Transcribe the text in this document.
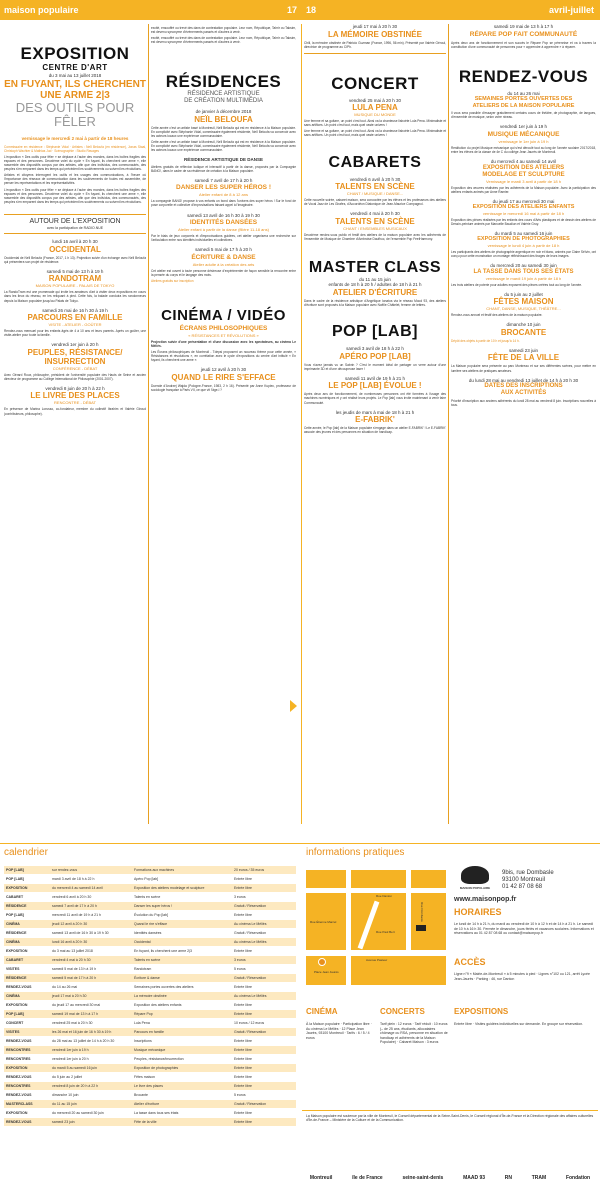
maison populaire	17 18	avril-juillet
EXPOSITION
CENTRE D'ART
du 3 mai au 13 juillet 2018
EN FUYANT, ILS CHERCHENT
UNE ARME 2|3
DES OUTILS POUR
FÊLER
vernissage le mercredi 2 mai à partir de 18 heures
Commissaire en résidence : Stéphanie Vidal · Artistes : Neïl Beloufa (en résidence), Jonas Staal, Christoph Wachter & Mathias Jud · Scénographie : Studio Ravages
L'exposition « Des outils pour fêler » se déplace à l'aube des mondes, dans les boîtes fragiles des espaces et des personnes. Deuxième volet du cycle « En fuyant, ils cherchent une arme », elle rassemble des dispositifs conçus par des artistes, afin que des individus, des communautés, des peuples s'en emparent dans les temps qui précèdent les soulèvements ou suivent les révolutions.
Artistes et citoyens interrogent les outils et les usages des communications, à l'heure où l'importance des réseaux de communication dans les soulèvements de foules est assemblée, de penser les représentations et les représentativités.
L'exposition « Des outils pour fêler » se déplace à l'aube des mondes, dans les boîtes fragiles des espaces et des personnes. Deuxième volet du cycle « En fuyant, ils cherchent une arme », elle rassemble des dispositifs conçus par des artistes, afin que des individus, des communautés, des peuples s'en emparent dans les temps qui précèdent les soulèvements ou suivent les révolutions.
AUTOUR DE L'EXPOSITION
avec la participation de RADIO.NUE
lundi 16 avril à 20 h 30
OCCIDENTAL
Occidental de Neïl Beloufa (France, 2017, 1 h 13). Projection suivie d'un échange avec Neïl Beloufa qui présentera son projet de résidence.
samedi 5 mai de 13 h à 19 h
RANDOTRAM
MAISON POPULAIRE - PALAIS DE TOKYO
La RandoTram est une promenade qui invite les amateurs d'art à visiter deux expositions en cours dans les lieux du réseau, en les reliquant à pied. Cette fois, la balade conduira les randonneurs depuis la Maison populaire jusqu'au Palais de Tokyo.
samedi 26 mai de 16 h 30 à 19 h
PARCOURS EN FAMILLE
VISITE - ATELIER - GOÛTER
Rendez-vous mensuel pour les enfants âgés de 4 à 10 ans et leurs parents. Après un goûter, une visite-atelier pour toute la famille.
vendredi 1er juin à 20 h
PEUPLES, RÉSISTANCE/
INSURRECTION
CONFÉRENCE - DÉBAT
Avec Gérard Roux, philosophe, président de l'université populaire des Hauts de Seine et ancien directeur de programme au Collège International de Philosophie (2001-2007).
vendredi 8 juin de 20 h à 22 h
LE LIVRE DES PLACES
RENCONTRE - DÉBAT
En présence de Marina Lorusso, co-fondateur, membre du collectif Ibrahim et Valérie Giroud (contributeurs, philosophe).
excité, ensouffré ou trevé des dans de contestation populaire. Leur nom, République, Tahrir ou Taksim, est devenu synonyme d'événements passés et d'autres à venir.
excité, ensouffré ou trevé des dans de contestation populaire. Leur nom, République, Tahrir ou Taksim, est devenu synonyme d'événements passés et d'autres à venir.
RÉSIDENCES
RÉSIDENCE ARTISTIQUE
DE CRÉATION MULTIMÉDIA
de janvier à décembre 2018
NEÏL BELOUFA
Cette année c'est un artiste basé à Montreuil, Neïl Beloufa qui est en résidence à la Maison populaire. En complicité avec Stéphanie Vidal, commissaire également résidente, Neïl Beloufa va concevoir avec les acteurs locaux une expérience communautaire.
Cette année c'est un artiste basé à Montreuil, Neïl Beloufa qui est en résidence à la Maison populaire. En complicité avec Stéphanie Vidal, commissaire également résidente, Neïl Beloufa va concevoir avec les acteurs locaux une expérience communautaire.
RÉSIDENCE ARTISTIQUE DE DANSE
Ateliers gratuits de réflexion ludique et interactif à partir de la danse, proposés par la Compagnie BANG!, dans le cadre de sa résidence de création à la Maison populaire.
samedi 7 avril de 17 h à 20 h
DANSER LES SUPER HÉROS !
Atelier enfant de 8 à 12 ans
La compagnie BANG! propose à vos enfants un bond dans l'univers des super héros ! Sur le fond de pose corporelle et collective d'improvisations faisant appel à l'imaginaire.
samedi 13 avril de 16 h 30 à 19 h 30
IDENTITÉS DANSÉES
Atelier enfant à partir de la danse (filière 11-18 ans)
Par le biais de jeux corporels et d'improvisations guidées, cet atelier organisera une recherche sur l'articulation entre nos identités individuelles et collectives.
samedi 5 mai de 17 h à 20 h
ÉCRITURE & DANSE
Atelier adulte à la création des arts
Cet atelier est ouvert à toute personne désireuse d'expérimenter de façon sensible la rencontre entre la pensée du corps et le langage des mots.
Ateliers gratuits sur inscription
CINÉMA / VIDÉO
ÉCRANS PHILOSOPHIQUES
« RÉSISTANCES ET RÉVOLUTIONS »
Projection suivie d'une présentation et d'une discussion avec les spectateurs, au cinéma Le Méliès.
Les Écrans philosophiques de Montreuil - Tdepsi proposent un nouveau thème pour cette année, « Résistances et révolutions », en corrélation avec le cycle d'expositions du centre d'art intitulé « En fuyant, ils cherchent une arme ».
jeudi 12 avril à 20 h 30
QUAND LE RIRE S'EFFACE
Duende d'Andrzej Wajda (Pologne-France, 1983, 2 h 16). Présenté par Anne Kupiec, professeur de sociologie française à Paris VII, ce que vit l'âge-l ?
jeudi 17 mai à 20 h 30
LA MÉMOIRE OBSTINÉE
Chili, la mémoire obstinée de Patricio Guzman (France, 1996, 56 min). Présenté par Valérie Géroul, directrice de programme au CIPh.
CONCERT
vendredi 25 mai à 20 h 30
LULA PENA
MUSIQUE DU MONDE
Une femme et sa guitare, un point c'est tout. Ainsi va la chanteuse lisboète Lula Pena. Minimaliste et sans artifices. Un point c'est tout, mais quel vaste univers !
Une femme et sa guitare, un point c'est tout. Ainsi va la chanteuse lisboète Lula Pena. Minimaliste et sans artifices. Un point c'est tout, mais quel vaste univers !
CABARETS
vendredi 6 avril à 20 h 30
TALENTS EN SCÈNE
CHANT / MUSIQUE / DANSE...
Cette nouvelle soirée, cabaret maison, sera concoctée par les élèves et les professeurs des ateliers de Vocal Jazz de Les Girafes, d'Accordéon Diatonique de Jean-Maurice Compagnol.
vendredi 4 mai à 20 h 30
TALENTS EN SCÈNE
CHANT / ENSEMBLES MUSICAUX
Deuxième rendez-vous public et festif des ateliers de la maison populaire avec les adhérents de l'ensemble de Musique de Chambre d'Ambroise Daufhuc, de l'ensemble Pop FeelHarmony.
MASTER CLASS
du 11 au 15 juin
enfants de 18 h à 20 h / adultes de 18 h à 21 h
ATELIER D'ÉCRITURE
Dans le cadre de la résidence artistique d'Angélique Ionatos via le réseau Mood 93, des ateliers d'écriture sont proposés à la Maison populaire avec Noëlle Châtelet, femme de lettres.
POP [LAB]
samedi 3 avril de 18 h à 22 h
APÉRO POP [LAB]
Vous n'avez jamais vu un Sabrin ? C'est le moment idéal de partager un verre autour d'une imprimante 3D et d'une découpeuse laser !
samedi 11 avril de 19 h à 21 h
LE POP [LAB] ÉVOLUE !
Après deux ans de fonctionnement, de nombreuses personnes ont été formées à l'usage des machines numériques et y ont réalisé leurs projets. Le Pop [lab] vous invite maintenant à venir faire Communauté.
les jeudis de mars à mai de 18 h à 21 h
E-FABRIK'
Cette année, le Pop [lab] de la Maison populaire s'engage dans un atelier E-FABRIK' ! Le E-FABRIK' associe des jeunes et des personnes en situation de handicap.
samedi 19 mai de 13 h à 17 h
RÉPARE POP FAIT COMMUNAUTÉ
Après deux ans de fonctionnement et son succès le Répare Pop se pérennise et va à travers la constitution d'une communauté de personnes pour « apprendre à apprendre » à réparer.
RENDEZ-VOUS
du 14 au 26 mai
SEMAINES PORTES OUVERTES DES
ATELIERS DE LA MAISON POPULAIRE
Il vous sera possible d'essayer gratuitement certains cours de théâtre, de photographie, de langues, d'ensemble de musique, selon votre niveau.
vendredi 1er juin à 19 h
MUSIQUE MÉCANIQUE
vernissage le 1er juin à 19 h
Restitution du projet Musique mécanique qui s'est déroulé tout au long de l'année scolaire 2017/2018, entre les élèves de la classe de 4e C du collège Jean Jaurès de Montreuil.
du mercredi 4 au samedi 14 avril
EXPOSITION DES ATELIERS
MODELAGE ET SCULPTURE
Vernissage le mardi 3 avril à partir de 18 h
Exposition des œuvres réalisées par les adhérents de la Maison populaire. Avec la participation des ateliers enfants animés par Anne Ramier.
du jeudi 17 au mercredi 30 mai
EXPOSITION DES ATELIERS ENFANTS
vernissage le mercredi 16 mai à partir de 18 h
Exposition des pièces réalisées par les enfants des cours d'Arts plastiques et de dessin des ateliers de Dessin-peinture animés par Manuelle Baudiun et Valérie Gruy.
du mardi 5 au samedi 16 juin
EXPOSITION DE PHOTOGRAPHIES
vernissage le lundi 4 juin à partir de 18 h
Les participants des ateliers de photographie argentique en noir et blanc, animés par Claire Séïvin, ont conçu pour cette monstration un montage réfléchissant des tirages de leurs images.
du mercredi 20 au samedi 30 juin
LA TASSE DANS TOUS SES ÉTATS
vernissage le mardi 19 juin à partir de 18 h
Les trois ateliers de poterie pour adultes exposent des pièces créées tout au long de l'année.
du 5 juin au 2 juillet
FÊTES MAISON
CHANT, DANSE, MUSIQUE, THÉÂTRE...
Rendez-vous annuel et festif des ateliers de la maison populaire.
dimanche 10 juin
BROCANTE
Dépôt des objets à partir de 10 h et jusqu'à 14 h.
samedi 23 juin
FÊTE DE LA VILLE
La Maison populaire sera présente au parc Montreau et sur ses différentes scènes, pour mettre en lumière ses ateliers de pratiques amateurs.
du lundi 28 mai au vendredi 13 juillet de 14 h à 20 h 30
DATES DES INSCRIPTIONS
AUX ACTIVITÉS
Priorité d'inscription aux anciens adhérents du lundi 28 mai au vendredi 8 juin. Inscriptions nouvelles à tous.
calendrier	informations pratiques
POP [LAB]	sur rendez-vous	Formations aux machines	20 euros / 35 euros
POP [LAB]	mardi 3 avril de 18 h à 22 h	Apéro Pop [lab]	Entrée libre
EXPOSITION	du mercredi 4 au samedi 14 avril	Exposition des ateliers modelage et sculpture	Entrée libre
CABARET	vendredi 6 avril à 20 h 30	Talents en scène	3 euros
RÉSIDENCE	samedi 7 avril de 17 h à 20 h	Danser les super héros !	Gratuit / Réservation
POP [LAB]	mercredi 11 avril de 19 h à 21 h	Évolution du Pop [lab]	Entrée libre
CINÉMA	jeudi 12 avril à 20 h 30	Quand le rire s'efface	Au cinéma Le Méliès
RÉSIDENCE	samedi 13 avril de 16 h 30 à 19 h 30	Identités dansées	Gratuit / Réservation
CINÉMA	lundi 16 avril à 20 h 30	Occidental	Au cinéma Le Méliès
EXPOSITION	du 3 mai au 13 juillet 2018	En fuyant, ils cherchent une arme 2|3	Entrée libre
CABARET	vendredi 4 mai à 20 h 30	Talents en scène	3 euros
VISITES	samedi 5 mai de 13 h à 19 h	Randotram	5 euros
RÉSIDENCE	samedi 5 mai de 17 h à 20 h	Écriture & danse	Gratuit / Réservation
RENDEZ-VOUS	du 14 au 26 mai	Semaines portes ouvertes des ateliers	Entrée libre
CINÉMA	jeudi 17 mai à 20 h 30	La mémoire obstinée	Au cinéma Le Méliès
EXPOSITION	du jeudi 17 au mercredi 30 mai	Exposition des ateliers enfants	Entrée libre
POP [LAB]	samedi 19 mai de 13 h à 17 h	Répare Pop	Entrée libre
CONCERT	vendredi 25 mai à 20 h 30	Lula Pena	10 euros / 12 euros
VISITES	les 26 mai et 16 juin de 16 h 30 à 19 h	Parcours en famille	Gratuit / Réservation
RENDEZ-VOUS	du 28 mai au 13 juillet de 14 h à 20 h 30	Inscriptions	Entrée libre
RENCONTRES	vendredi 1er juin à 19 h	Musique mécanique	Entrée libre
RENCONTRES	vendredi 1er juin à 20 h	Peuples, résistance/insurrection	Entrée libre
EXPOSITION	du mardi 5 au samedi 16 juin	Exposition de photographies	Entrée libre
RENDEZ-VOUS	du 5 juin au 2 juillet	Fêtes maison	Entrée libre
RENCONTRES	vendredi 8 juin de 20 h à 22 h	Le livre des places	Entrée libre
RENDEZ-VOUS	dimanche 10 juin	Brocante	5 euros
MASTERCLASS	du 11 au 15 juin	Atelier d'écriture	Gratuit / Réservation
EXPOSITION	du mercredi 20 au samedi 30 juin	La tasse dans tous ses états	Entrée libre
RENDEZ-VOUS	samedi 23 juin	Fête de la ville	Entrée libre
Rue Danton
Rue Dombasle
Rue Étienne Marcel
Rue Paul Bert
Avenue Pasteur
Place Jean Jaurès
MAISON POPULAIRE
9bis, rue Dombasle
93100 Montreuil
01 42 87 08 68
www.maisonpop.fr
HORAIRES
Le lundi de 14 h à 21 h, du mardi au vendredi de 10 h à 12 h et de 14 h à 21 h. Le samedi de 10 h à 16 h 30. Fermée le dimanche, jours fériés et vacances scolaires. Informations et réservations au 01 42 87 08 68 ou contact@maisonpop.fr
ACCÈS
Ligne n°9 « Mairie-de-Montreuil » à 5 minutes à pied · Lignes n°102 ou 121, arrêt Lycée Jean-Jaurès · Parking : 46, rue Danton
CINÉMA
À la Maison populaire · Participation libre · Au cinéma Le Méliès · 12 Place Jean Jaurès, 93100 Montreuil · Tarifs : 6 / 5 / 4 euros
CONCERTS
Tarif plein : 12 euros · Tarif réduit : 10 euros (– de 25 ans, étudiants, allocataires chômage ou RSA, personne en situation de handicap et adhérents de la Maison Populaire) · Cabaret Maison : 3 euros
EXPOSITIONS
Entrée libre · Visites guidées individuelles sur demande. En groupe sur réservation.
La Maison populaire est soutenue par la ville de Montreuil, le Conseil départemental de la Seine-Saint-Denis, le Conseil régional d'Île-de-France et la Direction régionale des affaires culturelles d'Île-de-France – Ministère de la Culture et de la Communication.
Montreuil	île de France	seine-saint-denis	MAAD 93	RN	TRAM	Fondation
